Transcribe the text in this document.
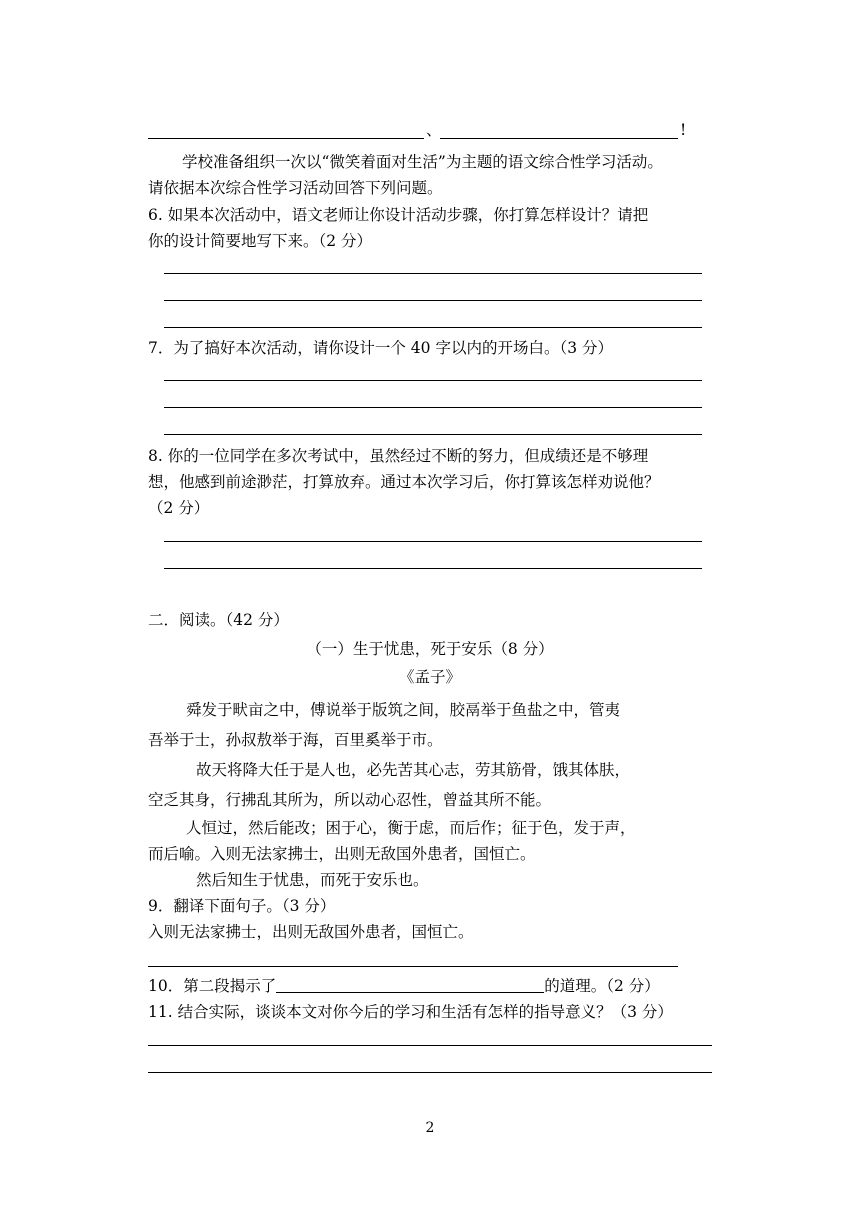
、	!
学校准备组织一次以“微笑着面对生活”为主题的语文综合性学习活动。
请依据本次综合性学习活动回答下列问题。
6. 如果本次活动中，语文老师让你设计活动步骤，你打算怎样设计？请把
你的设计简要地写下来。（2 分）
7．为了搞好本次活动，请你设计一个 40 字以内的开场白。（3 分）
8. 你的一位同学在多次考试中，虽然经过不断的努力，但成绩还是不够理
想，他感到前途渺茫，打算放弃。通过本次学习后，你打算该怎样劝说他？
（2 分）
二．阅读。（42 分）
（一）生于忧患，死于安乐（8 分）
《孟子》
舜发于畎亩之中，傅说举于版筑之间，胶鬲举于鱼盐之中，管夷
吾举于士，孙叔敖举于海，百里奚举于市。
故天将降大任于是人也，必先苦其心志，劳其筋骨，饿其体肤，
空乏其身，行拂乱其所为，所以动心忍性，曾益其所不能。
人恒过，然后能改；困于心，衡于虑，而后作；征于色，发于声，
而后喻。入则无法家拂士，出则无敌国外患者，国恒亡。
然后知生于忧患，而死于安乐也。
9．翻译下面句子。（3 分）
入则无法家拂士，出则无敌国外患者，国恒亡。
10．第二段揭示了	的道理。（2 分）
11. 结合实际，谈谈本文对你今后的学习和生活有怎样的指导意义？（3 分）
2
